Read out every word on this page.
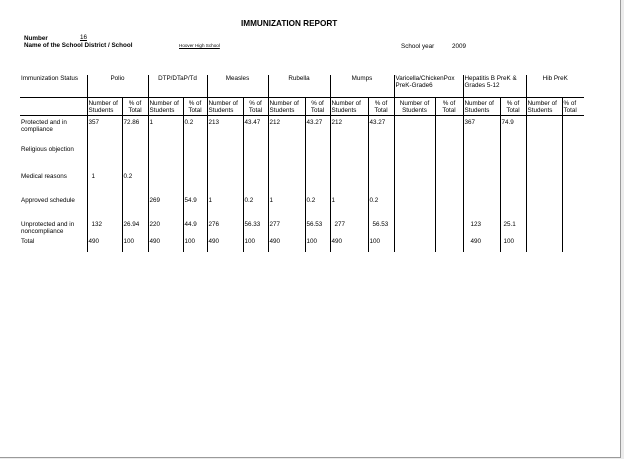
IMMUNIZATION REPORT
Number	16
Name of the School District / School	Hoover High School	School year	2009
Immunization Status	Polio		DTP/DTaP/Td		Measles		Rubella		Mumps		Varicella/ChickenPox PreK-Grade6		Hepatitis B PreK & Grades 5-12		Hib PreK	
	Number of Students	% of Total	Number of Students	% of Total	Number of Students	% of Total	Number of Students	% of Total	Number of Students	% of Total	Number of Students	% of Total	Number of Students	% of Total	Number of Students	% of Total
Protected and in compliance	357	72.86	1	0.2	213	43.47	212	43.27	212	43.27			367	74.9		
Religious objection																
Medical reasons	1	0.2														
Approved schedule			269	54.9	1	0.2	1	0.2	1	0.2						
Unprotected and in noncompliance	132	26.94	220	44.9	276	56.33	277	56.53	277	56.53			123	25.1		
Total	490	100	490	100	490	100	490	100	490	100			490	100		
